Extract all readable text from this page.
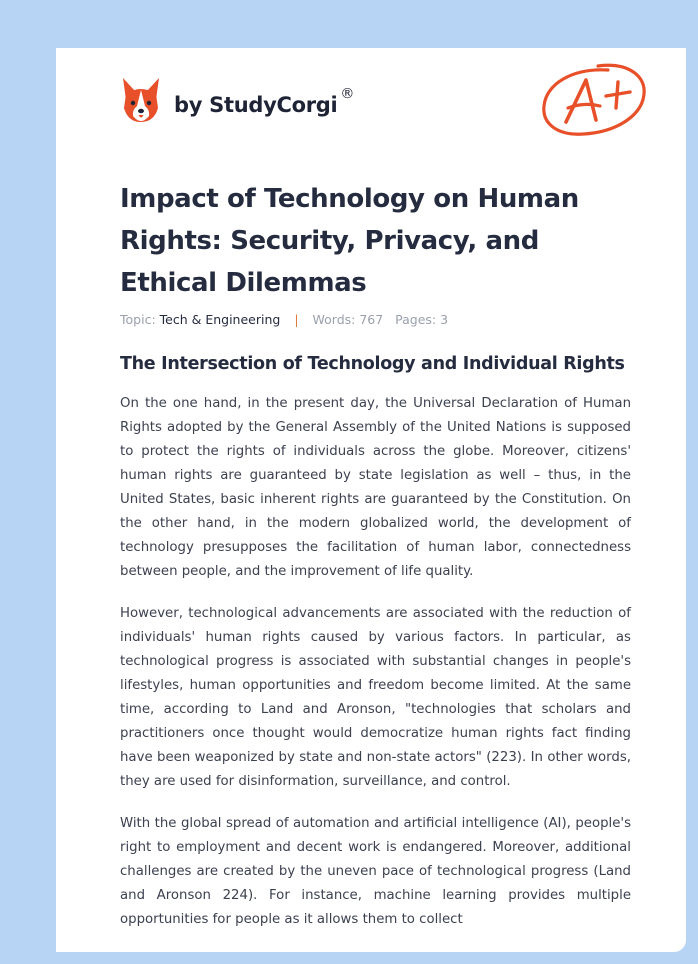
by StudyCorgi ®
Impact of Technology on Human Rights: Security, Privacy, and Ethical Dilemmas
Topic: Tech & Engineering | Words: 767 Pages: 3
The Intersection of Technology and Individual Rights

On the one hand, in the present day, the Universal Declaration of Human Rights adopted by the General Assembly of the United Nations is supposed to protect the rights of individuals across the globe. Moreover, citizens' human rights are guaranteed by state legislation as well – thus, in the United States, basic inherent rights are guaranteed by the Constitution. On the other hand, in the modern globalized world, the development of technology presupposes the facilitation of human labor, connectedness between people, and the improvement of life quality.

However, technological advancements are associated with the reduction of individuals' human rights caused by various factors. In particular, as technological progress is associated with substantial changes in people's lifestyles, human opportunities and freedom become limited. At the same time, according to Land and Aronson, "technologies that scholars and practitioners once thought would democratize human rights fact finding have been weaponized by state and non-state actors" (223). In other words, they are used for disinformation, surveillance, and control.

With the global spread of automation and artificial intelligence (AI), people's right to employment and decent work is endangered. Moreover, additional challenges are created by the uneven pace of technological progress (Land and Aronson 224). For instance, machine learning provides multiple opportunities for people as it allows them to collect
